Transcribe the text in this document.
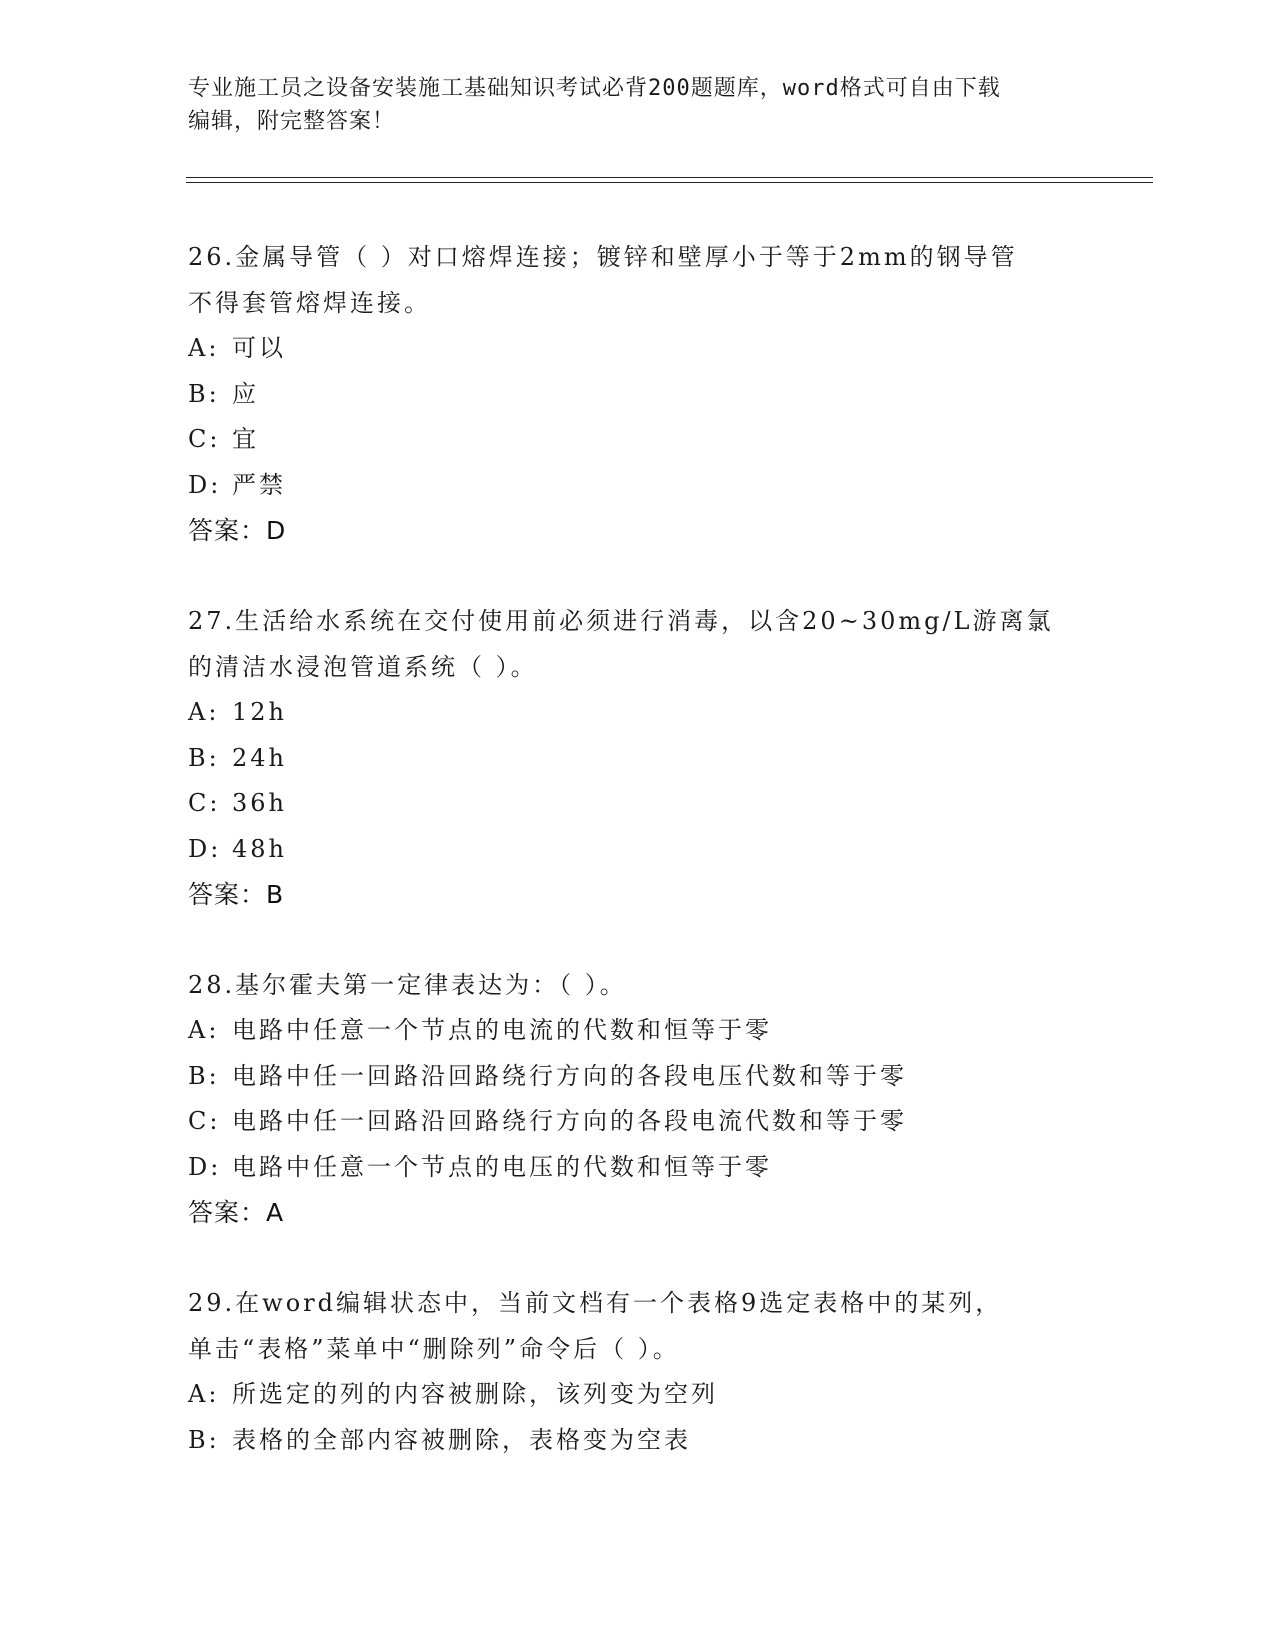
专业施工员之设备安装施工基础知识考试必背200题题库，word格式可自由下载
编辑，附完整答案！

26.金属导管（ ）对口熔焊连接；镀锌和壁厚小于等于2mm的钢导管

不得套管熔焊连接。

A: 可以

B: 应

C: 宜

D: 严禁

答案：D

27.生活给水系统在交付使用前必须进行消毒，以含20~30mg/L游离氯

的清洁水浸泡管道系统（ ）。

A: 12h

B: 24h

C: 36h

D: 48h

答案：B

28.基尔霍夫第一定律表达为：（ ）。

A: 电路中任意一个节点的电流的代数和恒等于零

B: 电路中任一回路沿回路绕行方向的各段电压代数和等于零

C: 电路中任一回路沿回路绕行方向的各段电流代数和等于零

D: 电路中任意一个节点的电压的代数和恒等于零

答案：A

29.在word编辑状态中，当前文档有一个表格9选定表格中的某列，

单击“表格”菜单中“删除列”命令后（ ）。

A: 所选定的列的内容被删除，该列变为空列

B: 表格的全部内容被删除，表格变为空表
